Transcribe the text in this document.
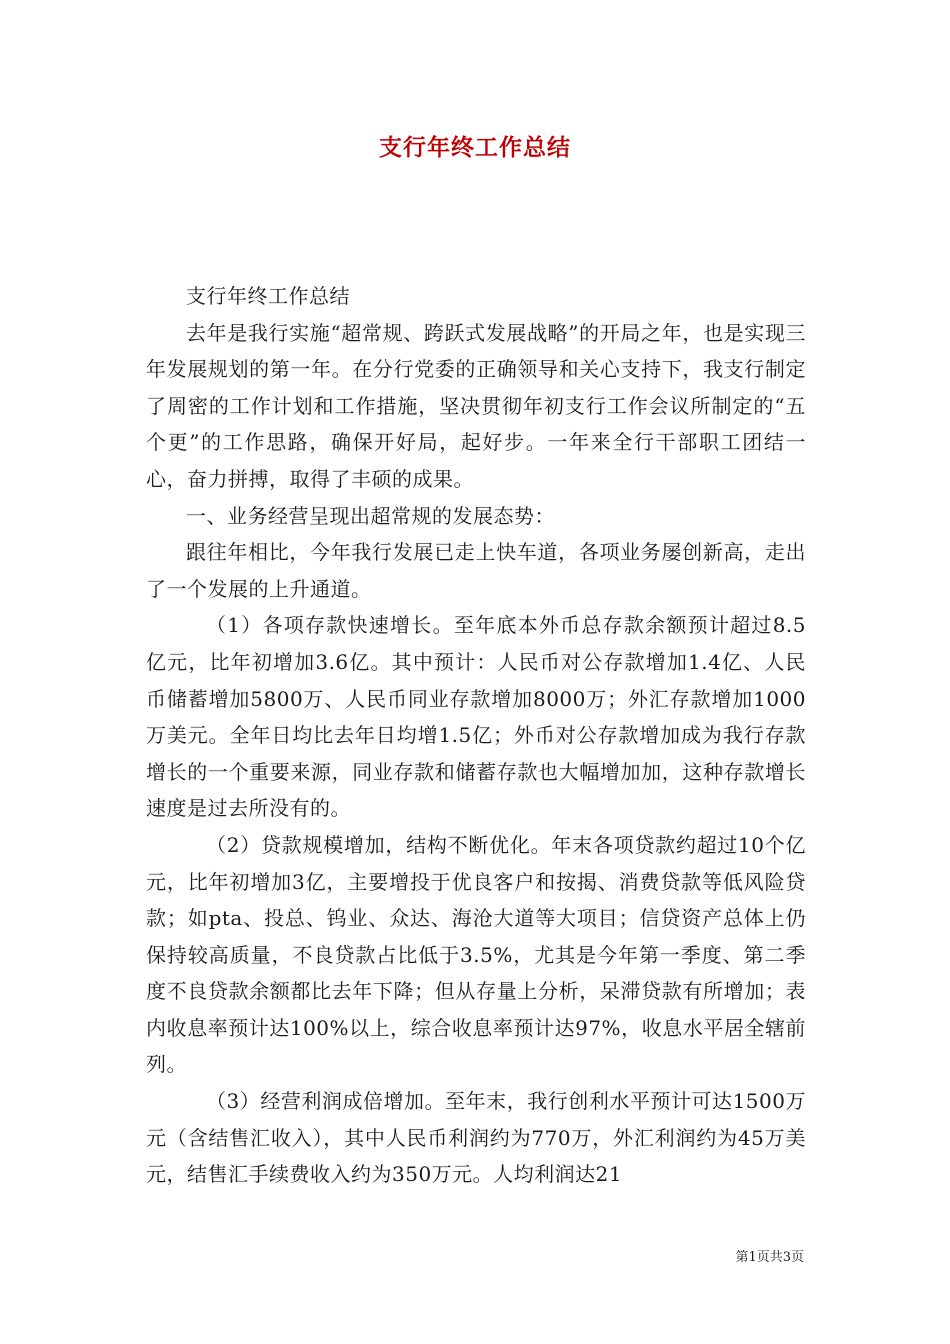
支行年终工作总结

支行年终工作总结

去年是我行实施“超常规、跨跃式发展战略”的开局之年，也是实现三年发展规划的第一年。在分行党委的正确领导和关心支持下，我支行制定了周密的工作计划和工作措施，坚决贯彻年初支行工作会议所制定的“五个更”的工作思路，确保开好局，起好步。一年来全行干部职工团结一心，奋力拼搏，取得了丰硕的成果。

一、业务经营呈现出超常规的发展态势：

跟往年相比，今年我行发展已走上快车道，各项业务屡创新高，走出了一个发展的上升通道。

（1）各项存款快速增长。至年底本外币总存款余额预计超过8.5亿元，比年初增加3.6亿。其中预计：人民币对公存款增加1.4亿、人民币储蓄增加5800万、人民币同业存款增加8000万；外汇存款增加1000万美元。全年日均比去年日均增1.5亿；外币对公存款增加成为我行存款增长的一个重要来源，同业存款和储蓄存款也大幅增加加，这种存款增长速度是过去所没有的。

（2）贷款规模增加，结构不断优化。年末各项贷款约超过10个亿元，比年初增加3亿，主要增投于优良客户和按揭、消费贷款等低风险贷款；如pta、投总、钨业、众达、海沧大道等大项目；信贷资产总体上仍保持较高质量，不良贷款占比低于3.5%，尤其是今年第一季度、第二季度不良贷款余额都比去年下降；但从存量上分析，呆滞贷款有所增加；表内收息率预计达100%以上，综合收息率预计达97%，收息水平居全辖前列。

（3）经营利润成倍增加。至年末，我行创利水平预计可达1500万元（含结售汇收入），其中人民币利润约为770万，外汇利润约为45万美元，结售汇手续费收入约为350万元。人均利润达21

第1页共3页
